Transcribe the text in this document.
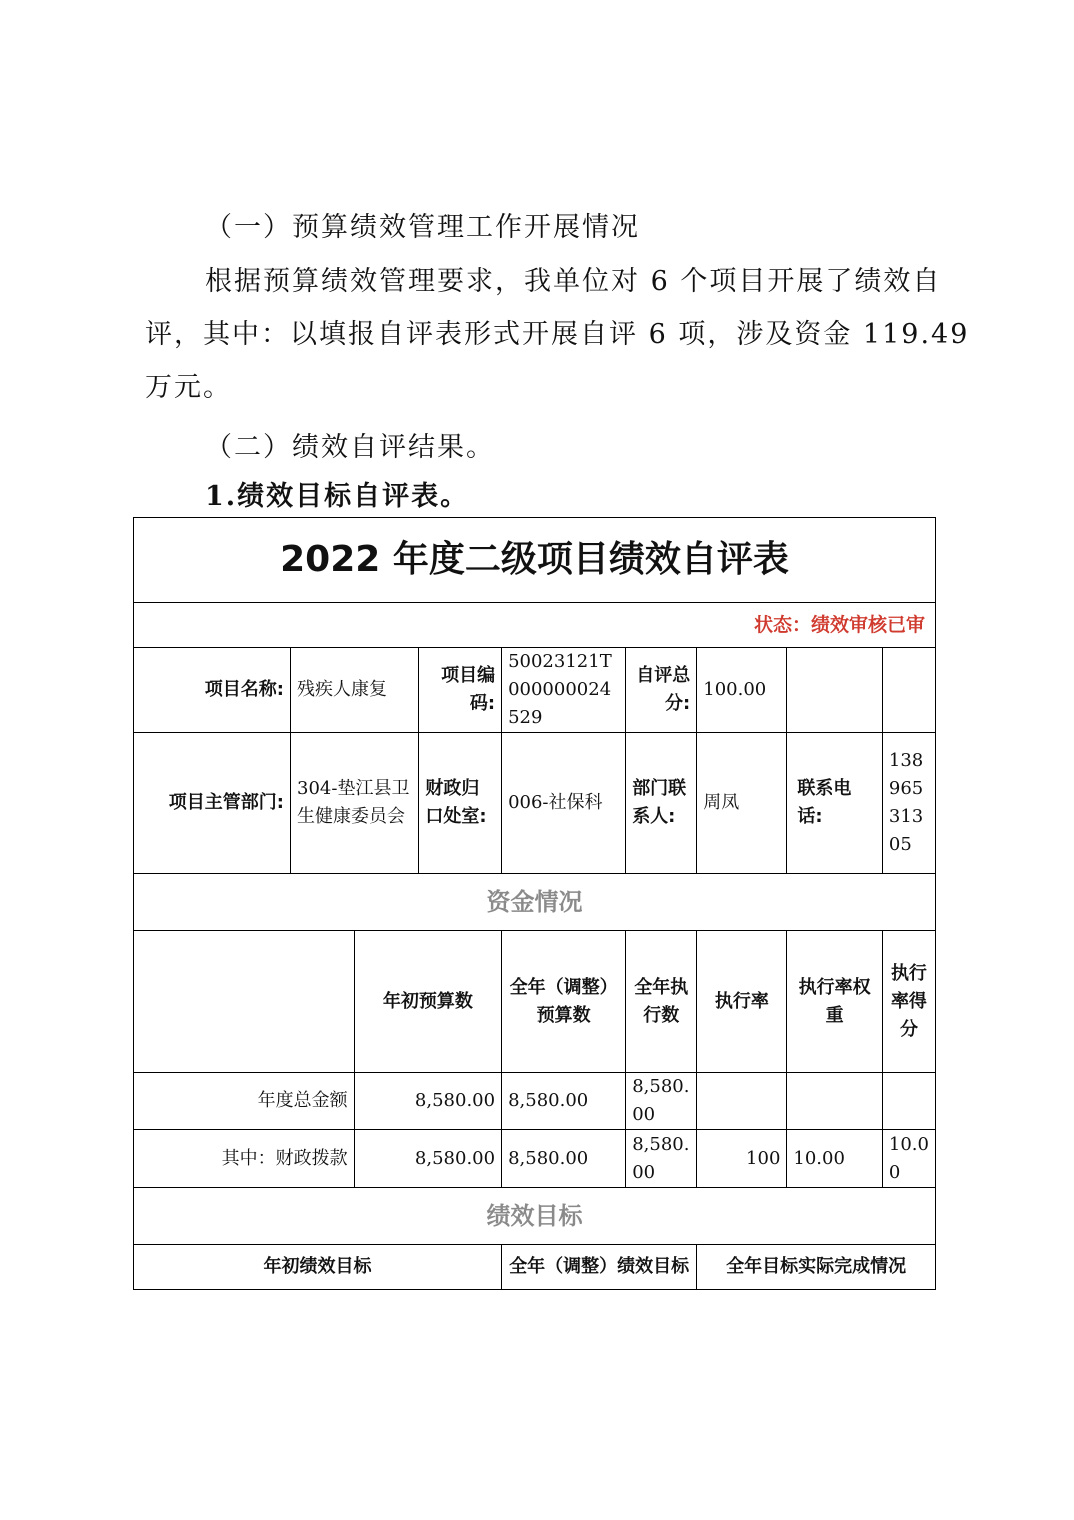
（一）预算绩效管理工作开展情况

根据预算绩效管理要求，我单位对 6 个项目开展了绩效自

评，其中：以填报自评表形式开展自评 6 项，涉及资金 119.49

万元。

（二）绩效自评结果。

1.绩效目标自评表。

2022 年度二级项目绩效自评表								
状态：绩效审核已审								
项目名称:	残疾人康复		项目编码:	50023121T000000024529	自评总分:	100.00		
项目主管部门:	304-垫江县卫生健康委员会		财政归口处室:	006-社保科	部门联系人:	周凤	联系电话:	13896531305
资金情况								
		年初预算数		全年（调整）预算数	全年执行数	执行率	执行率权重	执行率得分
年度总金额		8,580.00		8,580.00	8,580.00			
其中：财政拨款		8,580.00		8,580.00	8,580.00	100	10.00	10.00
绩效目标								
年初绩效目标				全年（调整）绩效目标		全年目标实际完成情况		
